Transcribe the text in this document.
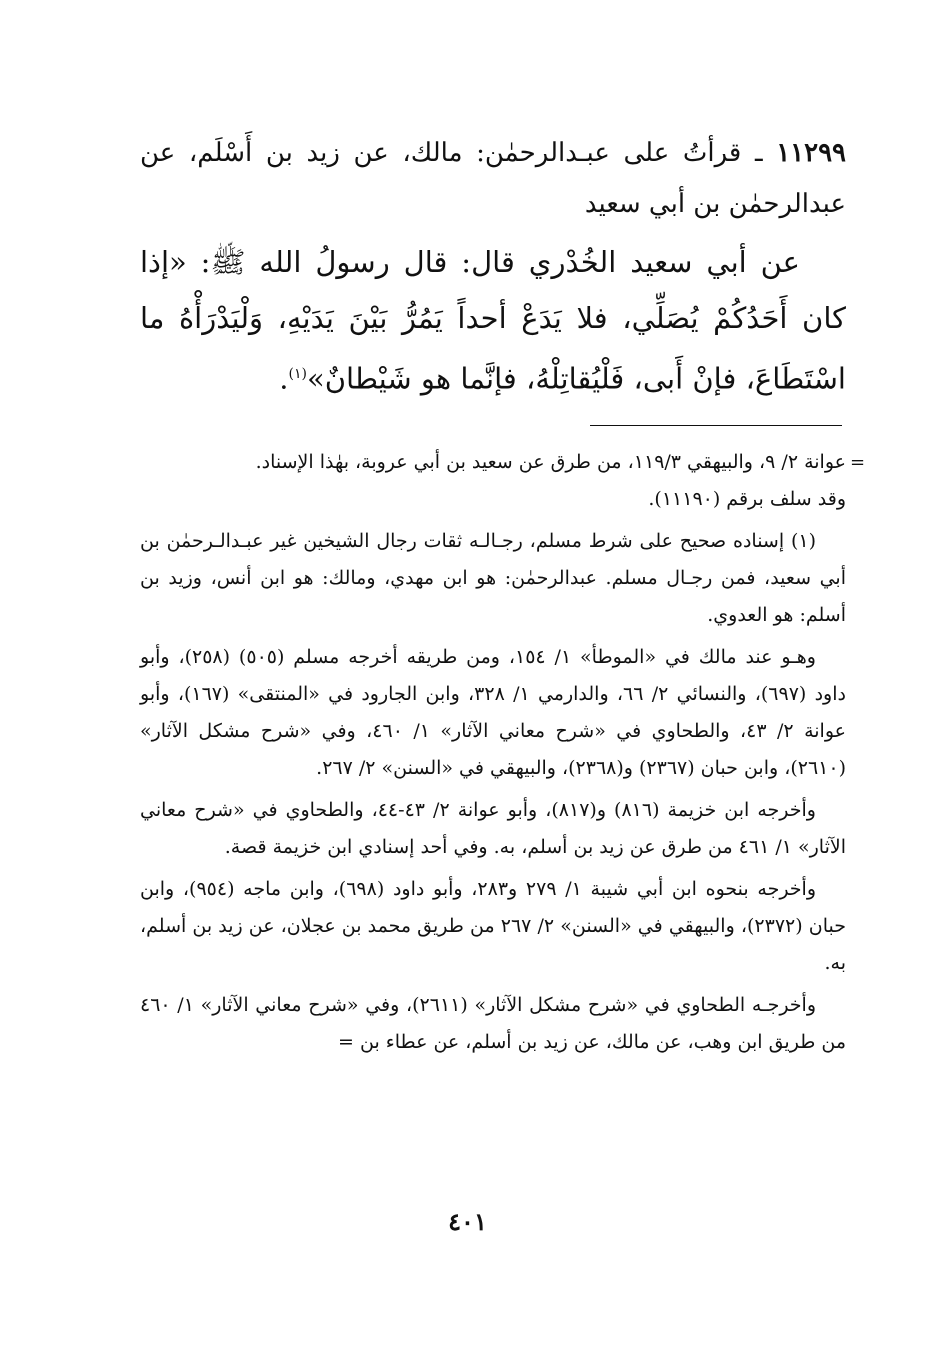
١١٢٩٩ ـ قرأتُ على عبـدالرحمٰن: مالك، عن زيد بن أَسْلَم، عن عبدالرحمٰن بن أبي سعيد

عن أبي سعيد الخُدْري قال: قال رسولُ الله ﷺ: «إذا كان أَحَدُكُمْ يُصَلِّي، فلا يَدَعْ أحداً يَمُرُّ بَيْنَ يَدَيْهِ، وَلْيَدْرَأْهُ ما اسْتَطَاعَ، فإنْ أَبى، فَلْيُقاتِلْهُ، فإنَّما هو شَيْطانٌ»$^{(١)}$.

=

عوانة ٢/ ٩، والبيهقي ١١٩/٣، من طرق عن سعيد بن أبي عروبة، بهٰذا الإسناد.

وقد سلف برقم (١١١٩٠).

(١) إسناده صحيح على شرط مسلم، رجـالـه ثقات رجال الشيخين غير عبـدالـرحمٰن بن أبي سعيد، فمن رجـال مسلم. عبدالرحمٰن: هو ابن مهدي، ومالك: هو ابن أنس، وزيد بن أسلم: هو العدوي.

وهـو عند مالك في «الموطأ» ١/ ١٥٤، ومن طريقه أخرجه مسلم (٥٠٥) (٢٥٨)، وأبو داود (٦٩٧)، والنسائي ٢/ ٦٦، والدارمي ١/ ٣٢٨، وابن الجارود في «المنتقى» (١٦٧)، وأبو عوانة ٢/ ٤٣، والطحاوي في «شرح معاني الآثار» ١/ ٤٦٠، وفي «شرح مشكل الآثار» (٢٦١٠)، وابن حبان (٢٣٦٧) و(٢٣٦٨)، والبيهقي في «السنن» ٢/ ٢٦٧.

وأخرجه ابن خزيمة (٨١٦) و(٨١٧)، وأبو عوانة ٢/ ٤٣-٤٤، والطحاوي في «شرح معاني الآثار» ١/ ٤٦١ من طرق عن زيد بن أسلم، به. وفي أحد إسنادي ابن خزيمة قصة.

وأخرجه بنحوه ابن أبي شيبة ١/ ٢٧٩ و٢٨٣، وأبو داود (٦٩٨)، وابن ماجه (٩٥٤)، وابن حبان (٢٣٧٢)، والبيهقي في «السنن» ٢/ ٢٦٧ من طريق محمد بن عجلان، عن زيد بن أسلم، به.

وأخرجـه الطحاوي في «شرح مشكل الآثار» (٢٦١١)، وفي «شرح معاني الآثار» ١/ ٤٦٠ من طريق ابن وهب، عن مالك، عن زيد بن أسلم، عن عطاء بن =

٤٠١
